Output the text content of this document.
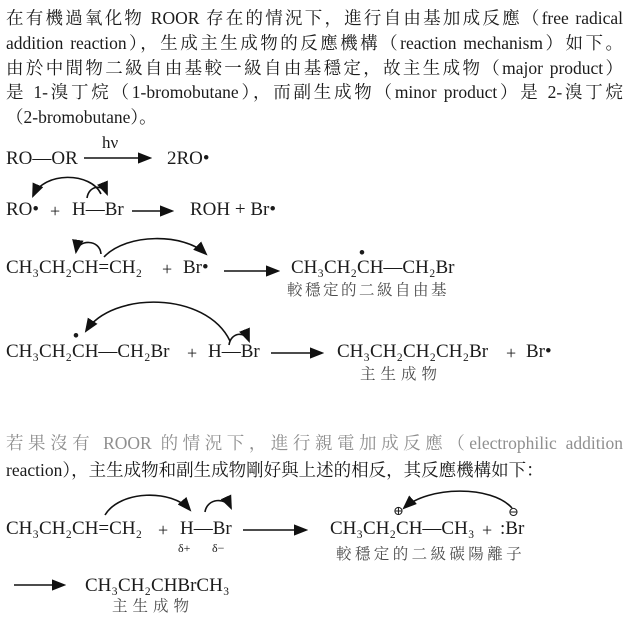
在有機過氧化物 ROOR 存在的情況下，進行自由基加成反應（free radical
addition reaction），生成主生成物的反應機構（reaction mechanism）如下。
由於中間物二級自由基較一級自由基穩定，故主生成物（major product）
是 1-溴丁烷（1-bromobutane），而副生成物（minor product）是 2-溴丁烷
（2-bromobutane）。
RO—OR
hν
2RO•
RO• + H—Br	ROH + Br•
CH₃CH₂CH=CH₂ + Br•
•
CH₃CH₂CH—CH₂Br
較穩定的二級自由基
•
CH₃CH₂CH—CH₂Br + H—Br	CH₃CH₂CH₂CH₂Br + Br•
主生成物
若果沒有 ROOR 的情況下，進行親電加成反應（electrophilic addition
reaction），主生成物和副生成物剛好與上述的相反，其反應機構如下：
CH₃CH₂CH=CH₂ + H—Br
δ+ δ−
⊕
CH₃CH₂CH—CH₃ +
⊖
:Br
較穩定的二級碳陽離子
CH₃CH₂CHBrCH₃
主生成物
